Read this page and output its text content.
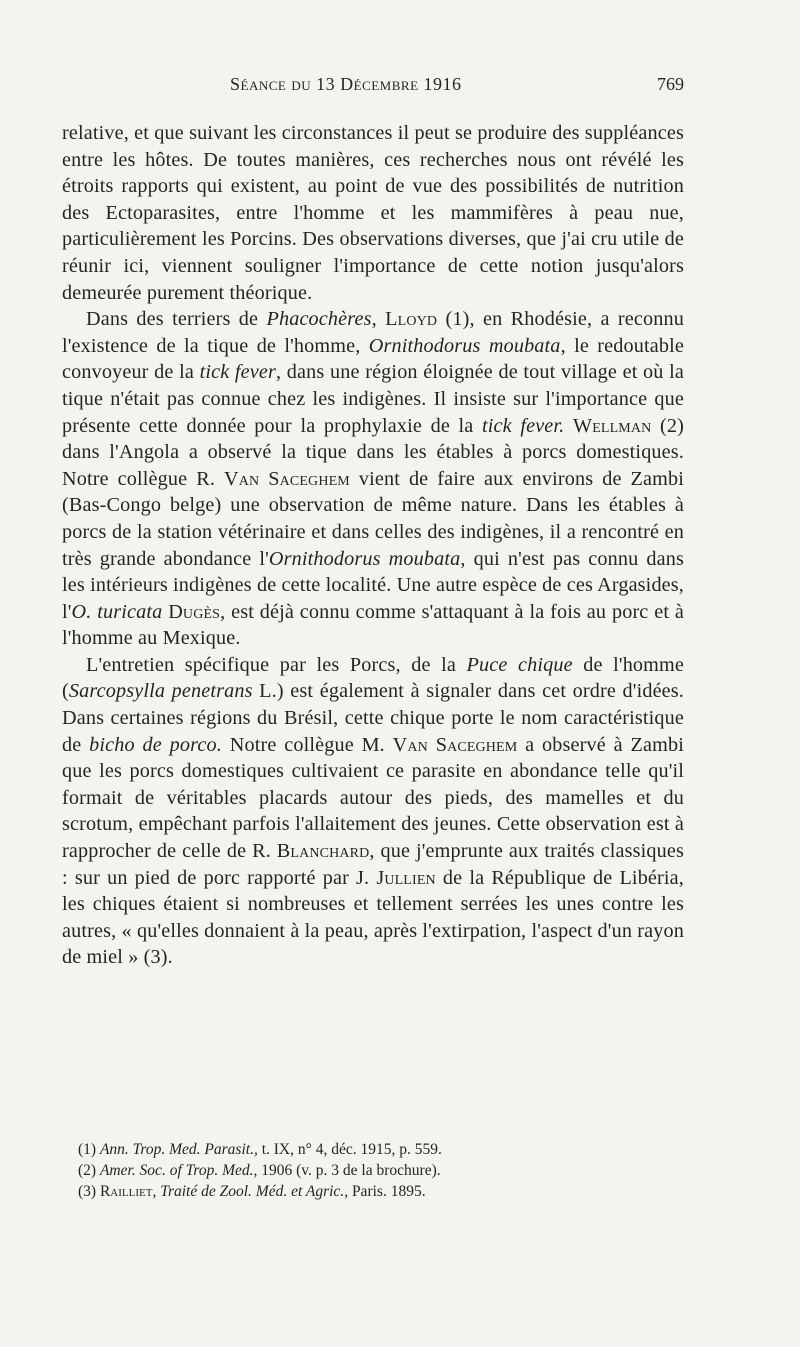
Séance du 13 Décembre 1916	769

relative, et que suivant les circonstances il peut se produire des suppléances entre les hôtes. De toutes manières, ces recherches nous ont révélé les étroits rapports qui existent, au point de vue des possibilités de nutrition des Ectoparasites, entre l'homme et les mammifères à peau nue, particulièrement les Porcins. Des observations diverses, que j'ai cru utile de réunir ici, viennent souligner l'importance de cette notion jusqu'alors demeurée purement théorique.

Dans des terriers de Phacochères, Lloyd (1), en Rhodésie, a reconnu l'existence de la tique de l'homme, Ornithodorus moubata, le redoutable convoyeur de la tick fever, dans une région éloignée de tout village et où la tique n'était pas connue chez les indigènes. Il insiste sur l'importance que présente cette donnée pour la prophylaxie de la tick fever. Wellman (2) dans l'Angola a observé la tique dans les étables à porcs domestiques. Notre collègue R. Van Saceghem vient de faire aux environs de Zambi (Bas-Congo belge) une observation de même nature. Dans les étables à porcs de la station vétérinaire et dans celles des indigènes, il a rencontré en très grande abondance l'Ornithodorus moubata, qui n'est pas connu dans les intérieurs indigènes de cette localité. Une autre espèce de ces Argasides, l'O. turicata Dugès, est déjà connu comme s'attaquant à la fois au porc et à l'homme au Mexique.

L'entretien spécifique par les Porcs, de la Puce chique de l'homme (Sarcopsylla penetrans L.) est également à signaler dans cet ordre d'idées. Dans certaines régions du Brésil, cette chique porte le nom caractéristique de bicho de porco. Notre collègue M. Van Saceghem a observé à Zambi que les porcs domestiques cultivaient ce parasite en abondance telle qu'il formait de véritables placards autour des pieds, des mamelles et du scrotum, empêchant parfois l'allaitement des jeunes. Cette observation est à rapprocher de celle de R. Blanchard, que j'emprunte aux traités classiques : sur un pied de porc rapporté par J. Jullien de la République de Libéria, les chiques étaient si nombreuses et tellement serrées les unes contre les autres, « qu'elles donnaient à la peau, après l'extirpation, l'aspect d'un rayon de miel » (3).

(1) Ann. Trop. Med. Parasit., t. IX, n° 4, déc. 1915, p. 559.

(2) Amer. Soc. of Trop. Med., 1906 (v. p. 3 de la brochure).

(3) Railliet, Traité de Zool. Méd. et Agric., Paris. 1895.
